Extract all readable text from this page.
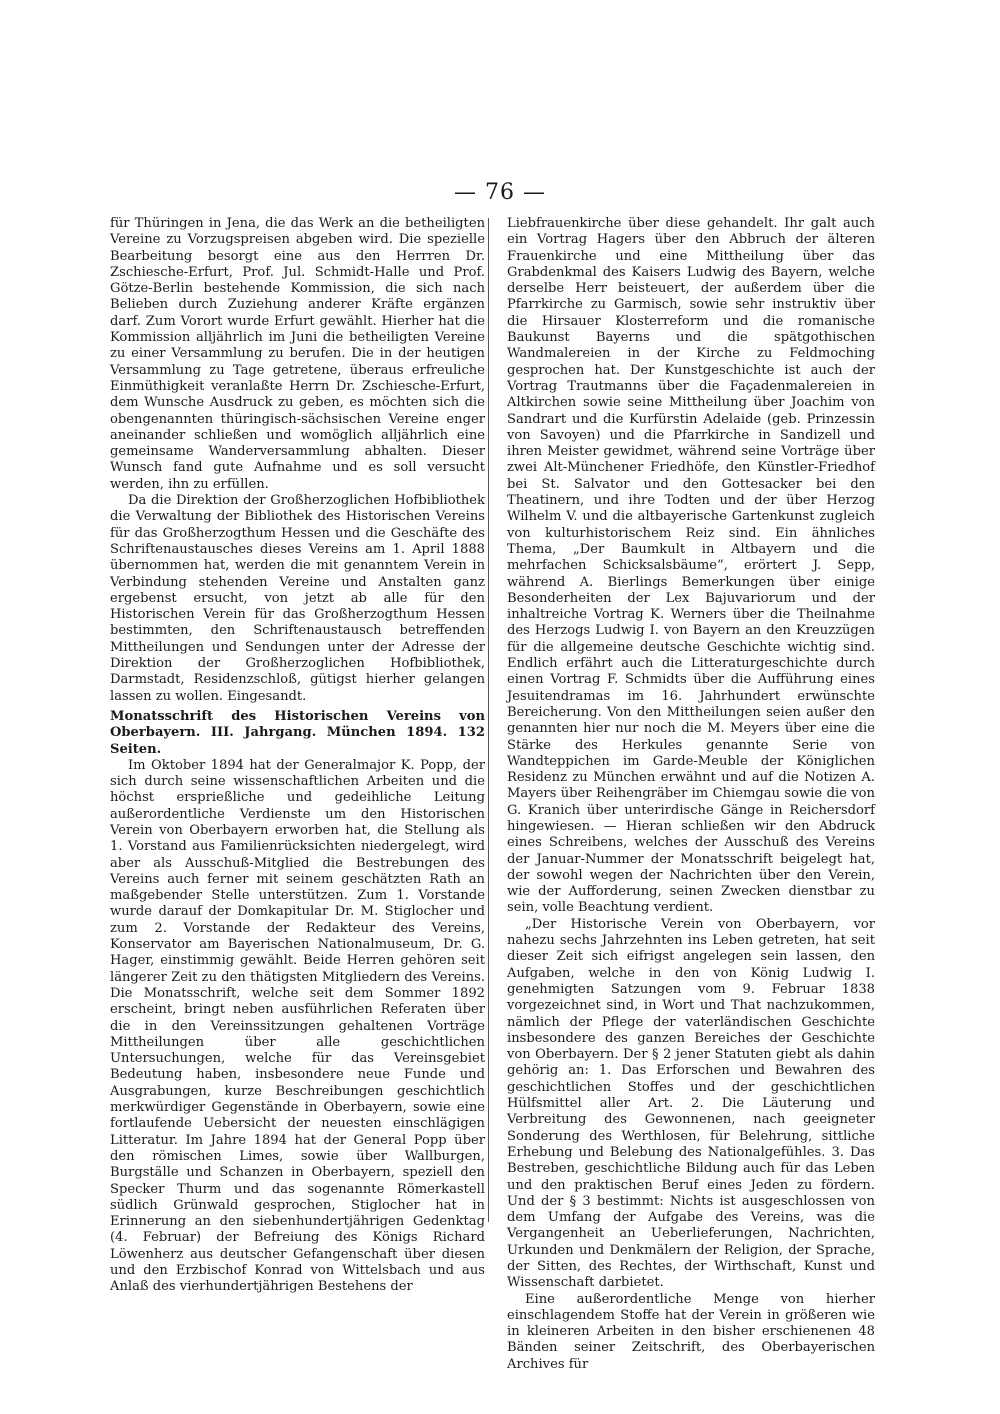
— 76 —

für Thüringen in Jena, die das Werk an die betheiligten Vereine zu Vorzugspreisen abgeben wird. Die spezielle Bearbeitung besorgt eine aus den Herrren Dr. Zschiesche-Erfurt, Prof. Jul. Schmidt-Halle und Prof. Götze-Berlin bestehende Kommission, die sich nach Belieben durch Zuziehung anderer Kräfte ergänzen darf. Zum Vorort wurde Erfurt gewählt. Hierher hat die Kommission alljährlich im Juni die betheiligten Vereine zu einer Versammlung zu berufen. Die in der heutigen Versammlung zu Tage getretene, überaus erfreuliche Einmüthigkeit veranlaßte Herrn Dr. Zschiesche-Erfurt, dem Wunsche Ausdruck zu geben, es möchten sich die obengenannten thüringisch-sächsischen Vereine enger aneinander schließen und womöglich alljährlich eine gemeinsame Wanderversammlung abhalten. Dieser Wunsch fand gute Aufnahme und es soll versucht werden, ihn zu erfüllen.

Da die Direktion der Großherzoglichen Hofbibliothek die Verwaltung der Bibliothek des Historischen Vereins für das Großherzogthum Hessen und die Geschäfte des Schriftenaustausches dieses Vereins am 1. April 1888 übernommen hat, werden die mit genanntem Verein in Verbindung stehenden Vereine und Anstalten ganz ergebenst ersucht, von jetzt ab alle für den Historischen Verein für das Großherzogthum Hessen bestimmten, den Schriftenaustausch betreffenden Mittheilungen und Sendungen unter der Adresse der Direktion der Großherzoglichen Hofbibliothek, Darmstadt, Residenzschloß, gütigst hierher gelangen lassen zu wollen. Eingesandt.

Monatsschrift des Historischen Vereins von Oberbayern. III. Jahrgang. München 1894. 132 Seiten.

Im Oktober 1894 hat der Generalmajor K. Popp, der sich durch seine wissenschaftlichen Arbeiten und die höchst ersprießliche und gedeihliche Leitung außerordentliche Verdienste um den Historischen Verein von Oberbayern erworben hat, die Stellung als 1. Vorstand aus Familienrücksichten niedergelegt, wird aber als Ausschuß-Mitglied die Bestrebungen des Vereins auch ferner mit seinem geschätzten Rath an maßgebender Stelle unterstützen. Zum 1. Vorstande wurde darauf der Domkapitular Dr. M. Stiglocher und zum 2. Vorstande der Redakteur des Vereins, Konservator am Bayerischen Nationalmuseum, Dr. G. Hager, einstimmig gewählt. Beide Herren gehören seit längerer Zeit zu den thätigsten Mitgliedern des Vereins. Die Monatsschrift, welche seit dem Sommer 1892 erscheint, bringt neben ausführlichen Referaten über die in den Vereinssitzungen gehaltenen Vorträge Mittheilungen über alle geschichtlichen Untersuchungen, welche für das Vereinsgebiet Bedeutung haben, insbesondere neue Funde und Ausgrabungen, kurze Beschreibungen geschichtlich merkwürdiger Gegenstände in Oberbayern, sowie eine fortlaufende Uebersicht der neuesten einschlägigen Litteratur. Im Jahre 1894 hat der General Popp über den römischen Limes, sowie über Wallburgen, Burgställe und Schanzen in Oberbayern, speziell den Specker Thurm und das sogenannte Römerkastell südlich Grünwald gesprochen, Stiglocher hat in Erinnerung an den siebenhundertjährigen Gedenktag (4. Februar) der Befreiung des Königs Richard Löwenherz aus deutscher Gefangenschaft über diesen und den Erzbischof Konrad von Wittelsbach und aus Anlaß des vierhundertjährigen Bestehens der

Liebfrauenkirche über diese gehandelt. Ihr galt auch ein Vortrag Hagers über den Abbruch der älteren Frauenkirche und eine Mittheilung über das Grabdenkmal des Kaisers Ludwig des Bayern, welche derselbe Herr beisteuert, der außerdem über die Pfarrkirche zu Garmisch, sowie sehr instruktiv über die Hirsauer Klosterreform und die romanische Baukunst Bayerns und die spätgothischen Wandmalereien in der Kirche zu Feldmoching gesprochen hat. Der Kunstgeschichte ist auch der Vortrag Trautmanns über die Façadenmalereien in Altkirchen sowie seine Mittheilung über Joachim von Sandrart und die Kurfürstin Adelaide (geb. Prinzessin von Savoyen) und die Pfarrkirche in Sandizell und ihren Meister gewidmet, während seine Vorträge über zwei Alt-Münchener Friedhöfe, den Künstler-Friedhof bei St. Salvator und den Gottesacker bei den Theatinern, und ihre Todten und der über Herzog Wilhelm V. und die altbayerische Gartenkunst zugleich von kulturhistorischem Reiz sind. Ein ähnliches Thema, „Der Baumkult in Altbayern und die mehrfachen Schicksalsbäume“, erörtert J. Sepp, während A. Bierlings Bemerkungen über einige Besonderheiten der Lex Bajuvariorum und der inhaltreiche Vortrag K. Werners über die Theilnahme des Herzogs Ludwig I. von Bayern an den Kreuzzügen für die allgemeine deutsche Geschichte wichtig sind. Endlich erfährt auch die Litteraturgeschichte durch einen Vortrag F. Schmidts über die Aufführung eines Jesuitendramas im 16. Jahrhundert erwünschte Bereicherung. Von den Mittheilungen seien außer den genannten hier nur noch die M. Meyers über eine die Stärke des Herkules genannte Serie von Wandteppichen im Garde-Meuble der Königlichen Residenz zu München erwähnt und auf die Notizen A. Mayers über Reihengräber im Chiemgau sowie die von G. Kranich über unterirdische Gänge in Reichersdorf hingewiesen. — Hieran schließen wir den Abdruck eines Schreibens, welches der Ausschuß des Vereins der Januar-Nummer der Monatsschrift beigelegt hat, der sowohl wegen der Nachrichten über den Verein, wie der Aufforderung, seinen Zwecken dienstbar zu sein, volle Beachtung verdient.

„Der Historische Verein von Oberbayern, vor nahezu sechs Jahrzehnten ins Leben getreten, hat seit dieser Zeit sich eifrigst angelegen sein lassen, den Aufgaben, welche in den von König Ludwig I. genehmigten Satzungen vom 9. Februar 1838 vorgezeichnet sind, in Wort und That nachzukommen, nämlich der Pflege der vaterländischen Geschichte insbesondere des ganzen Bereiches der Geschichte von Oberbayern. Der § 2 jener Statuten giebt als dahin gehörig an: 1. Das Erforschen und Bewahren des geschichtlichen Stoffes und der geschichtlichen Hülfsmittel aller Art. 2. Die Läuterung und Verbreitung des Gewonnenen, nach geeigneter Sonderung des Werthlosen, für Belehrung, sittliche Erhebung und Belebung des Nationalgefühles. 3. Das Bestreben, geschichtliche Bildung auch für das Leben und den praktischen Beruf eines Jeden zu fördern. Und der § 3 bestimmt: Nichts ist ausgeschlossen von dem Umfang der Aufgabe des Vereins, was die Vergangenheit an Ueberlieferungen, Nachrichten, Urkunden und Denkmälern der Religion, der Sprache, der Sitten, des Rechtes, der Wirthschaft, Kunst und Wissenschaft darbietet.

Eine außerordentliche Menge von hierher einschlagendem Stoffe hat der Verein in größeren wie in kleineren Arbeiten in den bisher erschienenen 48 Bänden seiner Zeitschrift, des Oberbayerischen Archives für
